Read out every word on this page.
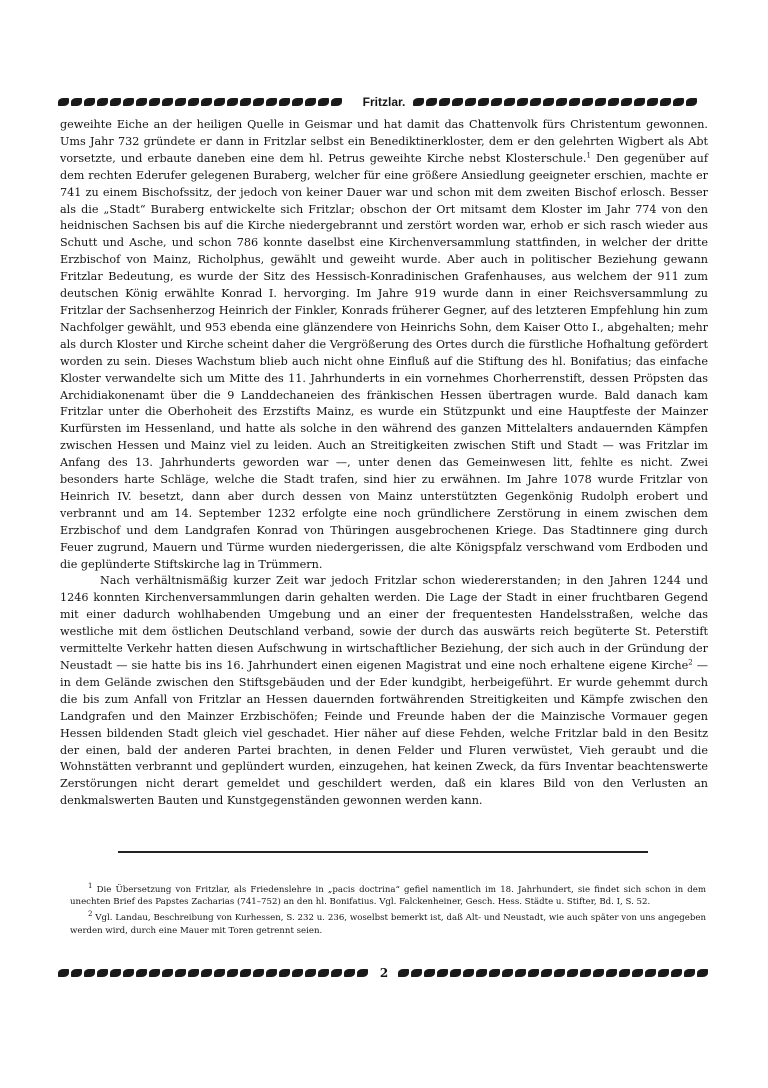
Fritzlar.

geweihte Eiche an der heiligen Quelle in Geismar und hat damit das Chattenvolk fürs Christentum gewonnen. Ums Jahr 732 gründete er dann in Fritzlar selbst ein Benediktinerkloster, dem er den gelehrten Wigbert als Abt vorsetzte, und erbaute daneben eine dem hl. Petrus geweihte Kirche nebst Klosterschule.$^1$ Den gegenüber auf dem rechten Ederufer gelegenen Buraberg, welcher für eine größere Ansiedlung geeigneter erschien, machte er 741 zu einem Bischofssitz, der jedoch von keiner Dauer war und schon mit dem zweiten Bischof erlosch. Besser als die „Stadt“ Buraberg entwickelte sich Fritzlar; obschon der Ort mitsamt dem Kloster im Jahr 774 von den heidnischen Sachsen bis auf die Kirche niedergebrannt und zerstört worden war, erhob er sich rasch wieder aus Schutt und Asche, und schon 786 konnte daselbst eine Kirchenversammlung stattfinden, in welcher der dritte Erzbischof von Mainz, Richolphus, gewählt und geweiht wurde. Aber auch in politischer Beziehung gewann Fritzlar Bedeutung, es wurde der Sitz des Hessisch-Konradinischen Grafenhauses, aus welchem der 911 zum deutschen König erwählte Konrad I. hervorging. Im Jahre 919 wurde dann in einer Reichsversammlung zu Fritzlar der Sachsenherzog Heinrich der Finkler, Konrads früherer Gegner, auf des letzteren Empfehlung hin zum Nachfolger gewählt, und 953 ebenda eine glänzendere von Heinrichs Sohn, dem Kaiser Otto I., abgehalten; mehr als durch Kloster und Kirche scheint daher die Vergrößerung des Ortes durch die fürstliche Hofhaltung gefördert worden zu sein. Dieses Wachstum blieb auch nicht ohne Einfluß auf die Stiftung des hl. Bonifatius; das einfache Kloster verwandelte sich um Mitte des 11. Jahrhunderts in ein vornehmes Chorherrenstift, dessen Pröpsten das Archidiakonenamt über die 9 Landdechaneien des fränkischen Hessen übertragen wurde. Bald danach kam Fritzlar unter die Oberhoheit des Erzstifts Mainz, es wurde ein Stützpunkt und eine Hauptfeste der Mainzer Kurfürsten im Hessenland, und hatte als solche in den während des ganzen Mittelalters andauernden Kämpfen zwischen Hessen und Mainz viel zu leiden. Auch an Streitigkeiten zwischen Stift und Stadt — was Fritzlar im Anfang des 13. Jahrhunderts geworden war —, unter denen das Gemeinwesen litt, fehlte es nicht. Zwei besonders harte Schläge, welche die Stadt trafen, sind hier zu erwähnen. Im Jahre 1078 wurde Fritzlar von Heinrich IV. besetzt, dann aber durch dessen von Mainz unterstützten Gegenkönig Rudolph erobert und verbrannt und am 14. September 1232 erfolgte eine noch gründlichere Zerstörung in einem zwischen dem Erzbischof und dem Landgrafen Konrad von Thüringen ausgebrochenen Kriege. Das Stadtinnere ging durch Feuer zugrund, Mauern und Türme wurden niedergerissen, die alte Königspfalz verschwand vom Erdboden und die geplünderte Stiftskirche lag in Trümmern.

Nach verhältnismäßig kurzer Zeit war jedoch Fritzlar schon wiedererstanden; in den Jahren 1244 und 1246 konnten Kirchenversammlungen darin gehalten werden. Die Lage der Stadt in einer fruchtbaren Gegend mit einer dadurch wohlhabenden Umgebung und an einer der frequentesten Handelsstraßen, welche das westliche mit dem östlichen Deutschland verband, sowie der durch das auswärts reich begüterte St. Peterstift vermittelte Verkehr hatten diesen Aufschwung in wirtschaftlicher Beziehung, der sich auch in der Gründung der Neustadt — sie hatte bis ins 16. Jahrhundert einen eigenen Magistrat und eine noch erhaltene eigene Kirche$^2$ — in dem Gelände zwischen den Stiftsgebäuden und der Eder kundgibt, herbeigeführt. Er wurde gehemmt durch die bis zum Anfall von Fritzlar an Hessen dauernden fortwährenden Streitigkeiten und Kämpfe zwischen den Landgrafen und den Mainzer Erzbischöfen; Feinde und Freunde haben der die Mainzische Vormauer gegen Hessen bildenden Stadt gleich viel geschadet. Hier näher auf diese Fehden, welche Fritzlar bald in den Besitz der einen, bald der anderen Partei brachten, in denen Felder und Fluren verwüstet, Vieh geraubt und die Wohnstätten verbrannt und geplündert wurden, einzugehen, hat keinen Zweck, da fürs Inventar beachtenswerte Zerstörungen nicht derart gemeldet und geschildert werden, daß ein klares Bild von den Verlusten an denkmalswerten Bauten und Kunstgegenständen gewonnen werden kann.

$^1$ Die Übersetzung von Fritzlar, als Friedenslehre in „pacis doctrina“ gefiel namentlich im 18. Jahrhundert, sie findet sich schon in dem unechten Brief des Papstes Zacharias (741–752) an den hl. Bonifatius. Vgl. Falckenheiner, Gesch. Hess. Städte u. Stifter, Bd. I, S. 52.

$^2$ Vgl. Landau, Beschreibung von Kurhessen, S. 232 u. 236, woselbst bemerkt ist, daß Alt- und Neustadt, wie auch später von uns angegeben werden wird, durch eine Mauer mit Toren getrennt seien.

2
